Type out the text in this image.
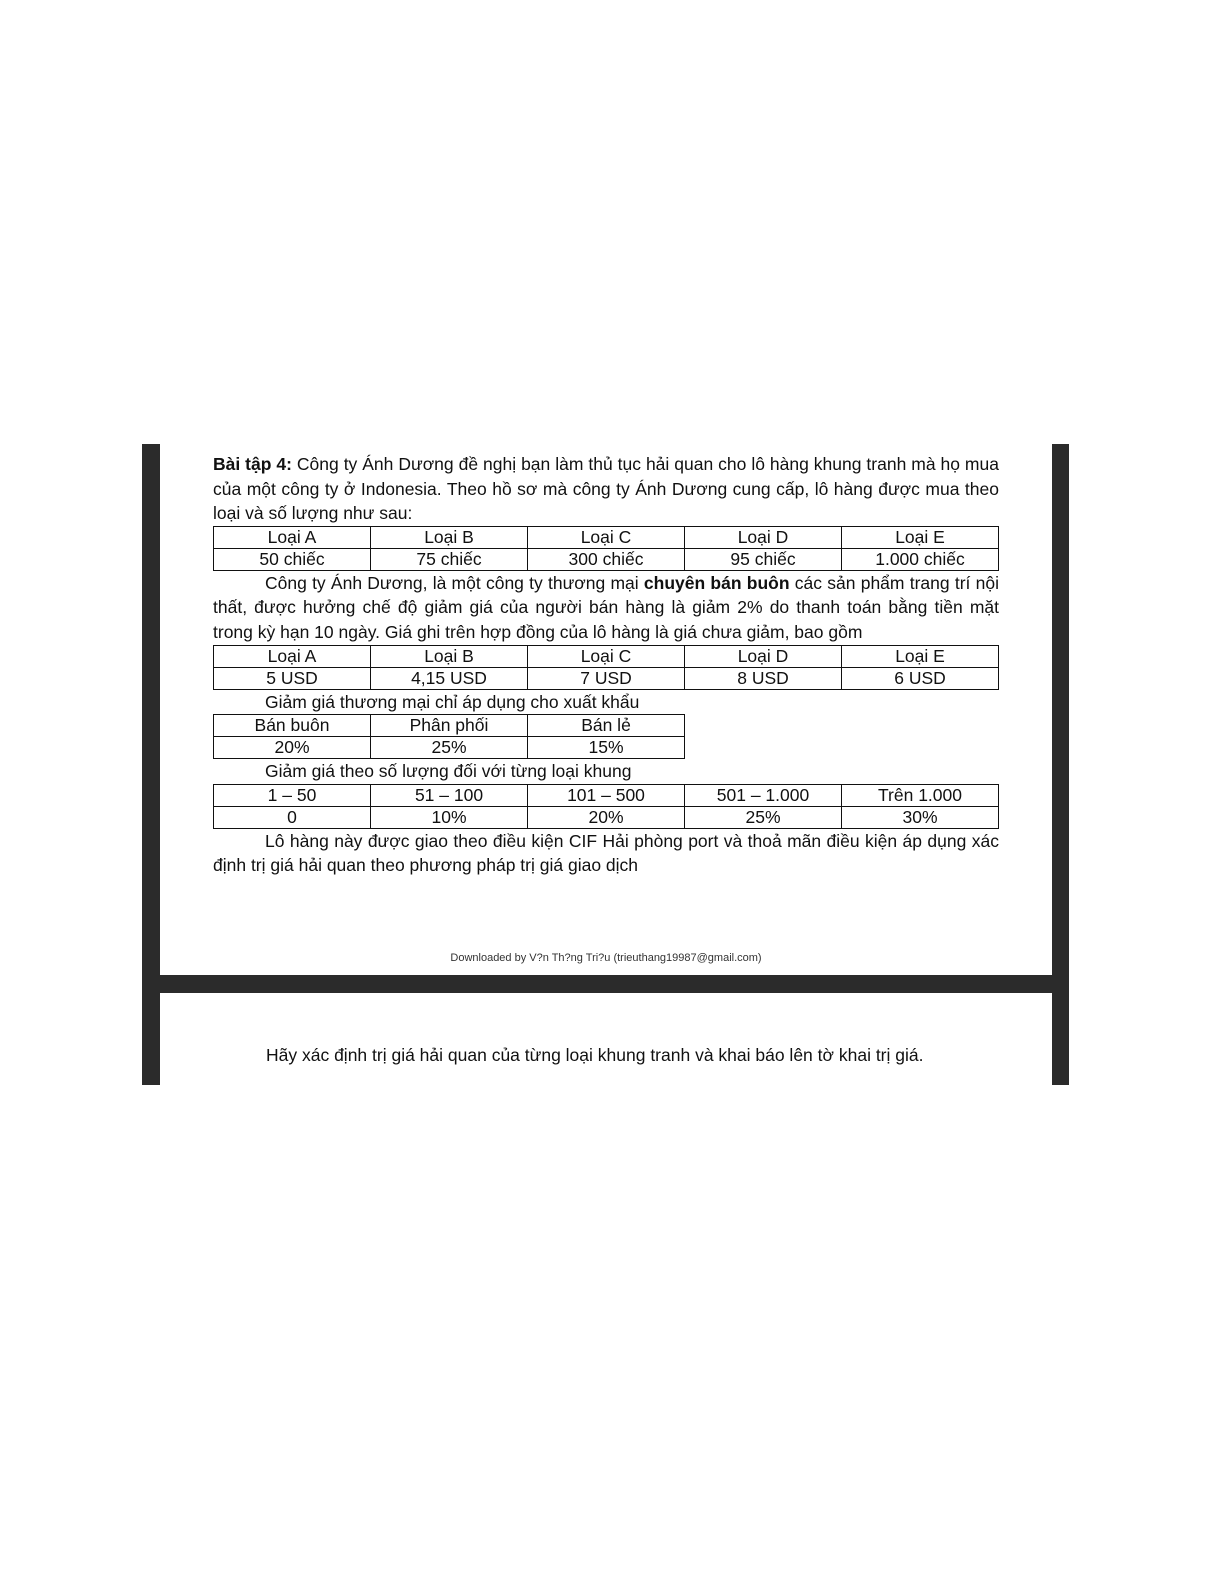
Bài tập 4: Công ty Ánh Dương đề nghị bạn làm thủ tục hải quan cho lô hàng khung tranh mà họ mua của một công ty ở Indonesia. Theo hồ sơ mà công ty Ánh Dương cung cấp, lô hàng được mua theo loại và số lượng như sau:

Loại A	Loại B	Loại C	Loại D	Loại E
50 chiếc	75 chiếc	300 chiếc	95 chiếc	1.000 chiếc

Công ty Ánh Dương, là một công ty thương mại chuyên bán buôn các sản phẩm trang trí nội thất, được hưởng chế độ giảm giá của người bán hàng là giảm 2% do thanh toán bằng tiền mặt trong kỳ hạn 10 ngày. Giá ghi trên hợp đồng của lô hàng là giá chưa giảm, bao gồm

Loại A	Loại B	Loại C	Loại D	Loại E
5 USD	4,15 USD	7 USD	8 USD	6 USD

Giảm giá thương mại chỉ áp dụng cho xuất khẩu

Bán buôn	Phân phối	Bán lẻ
20%	25%	15%

Giảm giá theo số lượng đối với từng loại khung

1 – 50	51 – 100	101 – 500	501 – 1.000	Trên 1.000
0	10%	20%	25%	30%

Lô hàng này được giao theo điều kiện CIF Hải phòng port và thoả mãn điều kiện áp dụng xác định trị giá hải quan theo phương pháp trị giá giao dịch

Downloaded by V?n Th?ng Tri?u (trieuthang19987@gmail.com)
Hãy xác định trị giá hải quan của từng loại khung tranh và khai báo lên tờ khai trị giá.
